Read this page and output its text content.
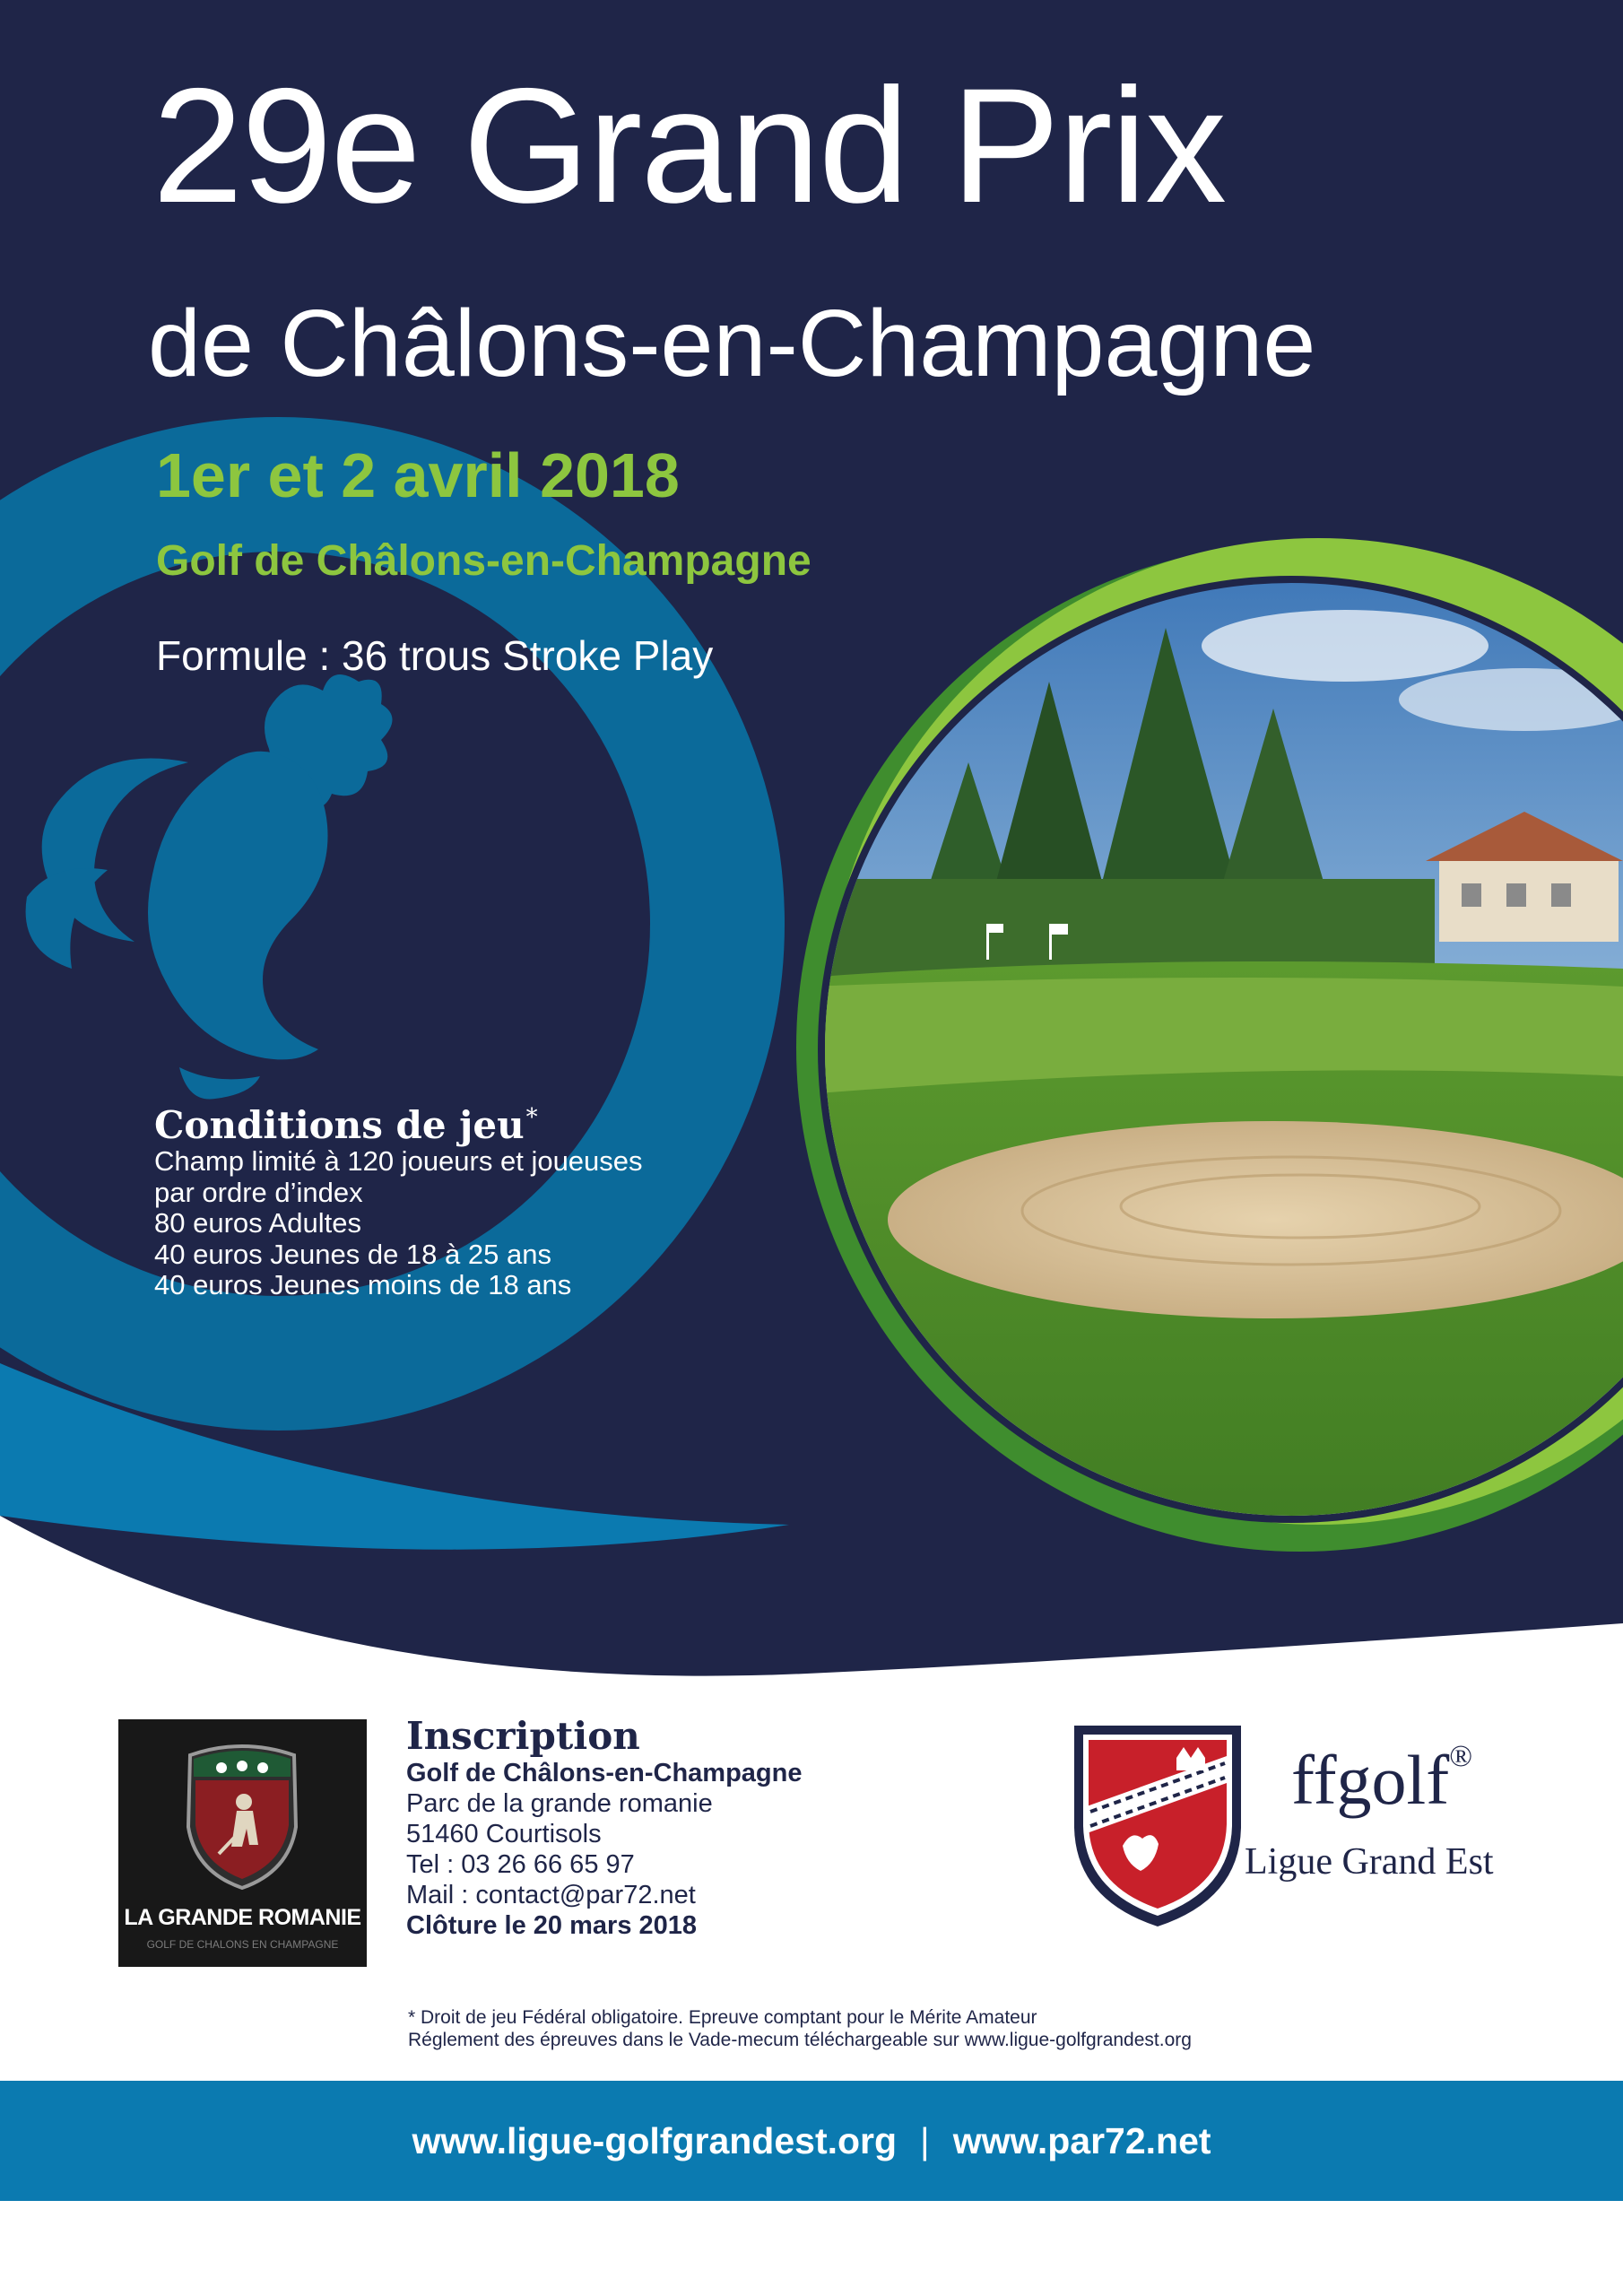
29e Grand Prix
de Châlons-en-Champagne
1er et 2 avril 2018
Golf de Châlons-en-Champagne
Formule : 36 trous Stroke Play
Conditions de jeu*
Champ limité à 120 joueurs et joueuses
par ordre d’index
80 euros Adultes
40 euros Jeunes de 18 à 25 ans
40 euros Jeunes moins de 18 ans
LA GRANDE ROMANIE
GOLF DE CHALONS EN CHAMPAGNE
Inscription
Golf de Châlons-en-Champagne
Parc de la grande romanie
51460 Courtisols
Tel : 03 26 66 65 97
Mail : contact@par72.net
Clôture le 20 mars 2018
ffgolf®
Ligue Grand Est
* Droit de jeu Fédéral obligatoire. Epreuve comptant pour le Mérite Amateur
Réglement des épreuves dans le Vade-mecum téléchargeable sur www.ligue-golfgrandest.org
www.ligue-golfgrandest.org | www.par72.net
